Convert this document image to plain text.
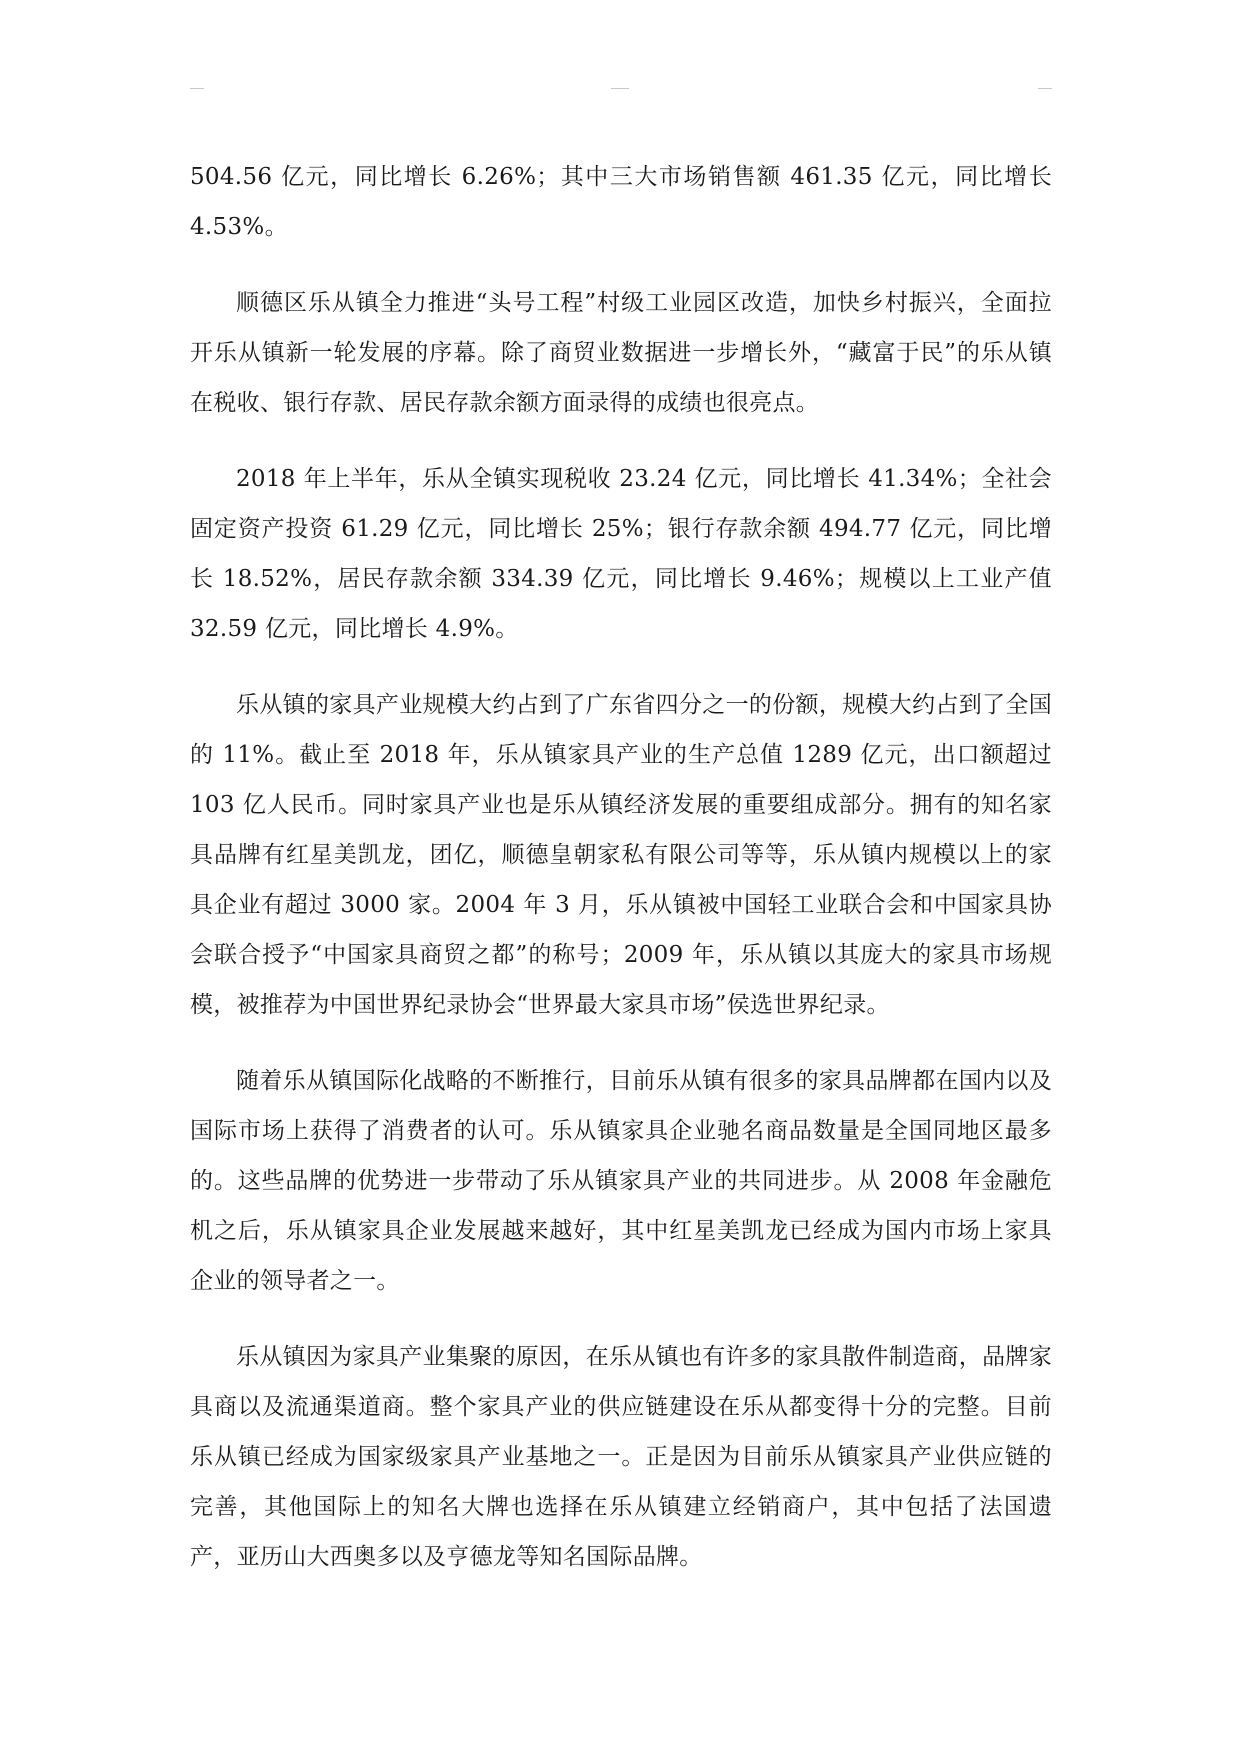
504.56 亿元，同比增长 6.26%；其中三大市场销售额 461.35 亿元，同比增长 4.53%。

顺德区乐从镇全力推进“头号工程”村级工业园区改造，加快乡村振兴，全面拉开乐从镇新一轮发展的序幕。除了商贸业数据进一步增长外，“藏富于民”的乐从镇在税收、银行存款、居民存款余额方面录得的成绩也很亮点。

2018 年上半年，乐从全镇实现税收 23.24 亿元，同比增长 41.34%；全社会固定资产投资 61.29 亿元，同比增长 25%；银行存款余额 494.77 亿元，同比增长 18.52%，居民存款余额 334.39 亿元，同比增长 9.46%；规模以上工业产值 32.59 亿元，同比增长 4.9%。

乐从镇的家具产业规模大约占到了广东省四分之一的份额，规模大约占到了全国的 11%。截止至 2018 年，乐从镇家具产业的生产总值 1289 亿元，出口额超过 103 亿人民币。同时家具产业也是乐从镇经济发展的重要组成部分。拥有的知名家具品牌有红星美凯龙，团亿，顺德皇朝家私有限公司等等，乐从镇内规模以上的家具企业有超过 3000 家。2004 年 3 月，乐从镇被中国轻工业联合会和中国家具协会联合授予“中国家具商贸之都”的称号；2009 年，乐从镇以其庞大的家具市场规模，被推荐为中国世界纪录协会“世界最大家具市场”侯选世界纪录。

随着乐从镇国际化战略的不断推行，目前乐从镇有很多的家具品牌都在国内以及国际市场上获得了消费者的认可。乐从镇家具企业驰名商品数量是全国同地区最多的。这些品牌的优势进一步带动了乐从镇家具产业的共同进步。从 2008 年金融危机之后，乐从镇家具企业发展越来越好，其中红星美凯龙已经成为国内市场上家具企业的领导者之一。

乐从镇因为家具产业集聚的原因，在乐从镇也有许多的家具散件制造商，品牌家具商以及流通渠道商。整个家具产业的供应链建设在乐从都变得十分的完整。目前乐从镇已经成为国家级家具产业基地之一。正是因为目前乐从镇家具产业供应链的完善，其他国际上的知名大牌也选择在乐从镇建立经销商户，其中包括了法国遗产，亚历山大西奥多以及亨德龙等知名国际品牌。
